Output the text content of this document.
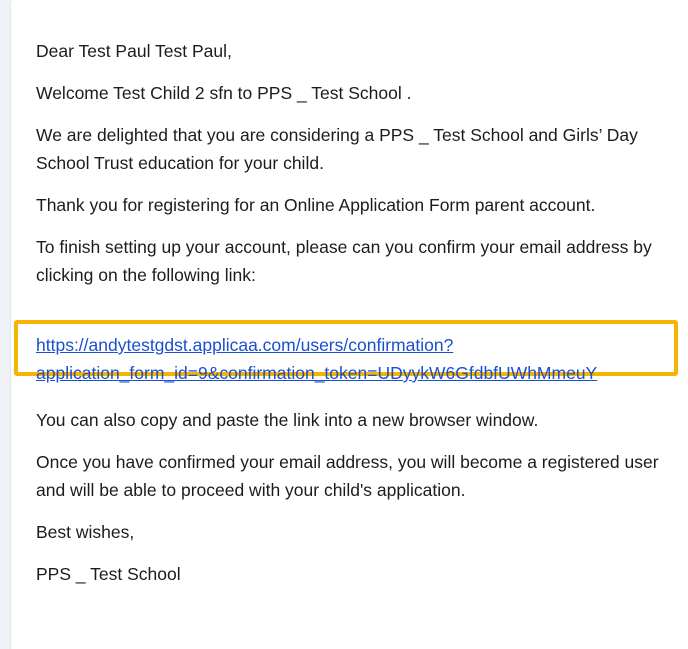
Dear Test Paul Test Paul,

Welcome Test Child 2 sfn to PPS _ Test School .

We are delighted that you are considering a PPS _ Test School and Girls’ Day School Trust education for your child.

Thank you for registering for an Online Application Form parent account.

To finish setting up your account, please can you confirm your email address by clicking on the following link:

https://andytestgdst.applicaa.com/users/confirmation?
application_form_id=9&confirmation_token=UDyykW6GfdbfUWhMmeuY

You can also copy and paste the link into a new browser window.

Once you have confirmed your email address, you will become a registered user and will be able to proceed with your child's application.

Best wishes,

PPS _ Test School
